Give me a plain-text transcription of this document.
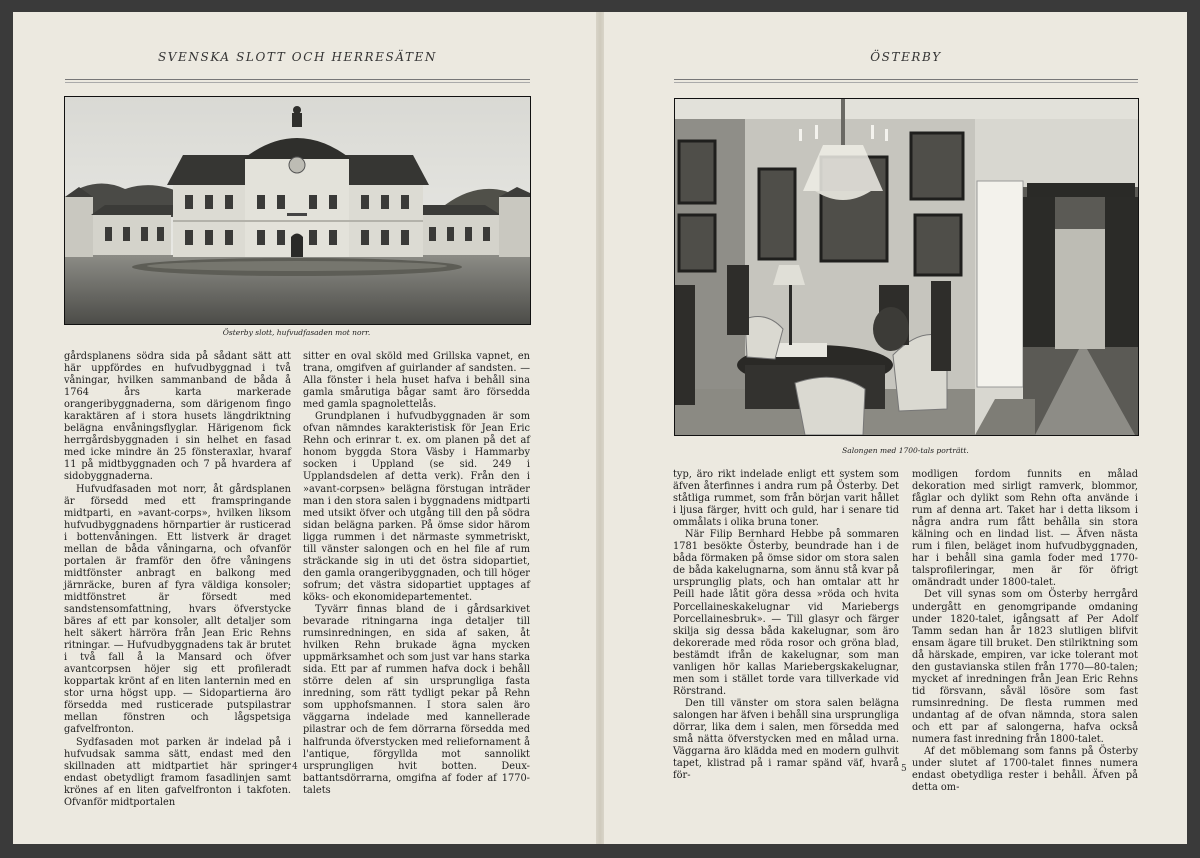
SVENSKA SLOTT OCH HERRESÄTEN
Österby slott, hufvudfasaden mot norr.

gårdsplanens södra sida på sådant sätt att här uppfördes en hufvudbyggnad i två våningar, hvilken sammanband de båda å 1764 års karta markerade orangeribyggnaderna, som därigenom fingo karaktären af i stora husets längdriktning belägna envåningsflyglar. Härigenom fick herrgårdsbyggnaden i sin helhet en fasad med icke mindre än 25 fönsteraxlar, hvaraf 11 på midtbyggnaden och 7 på hvardera af sidobyggnaderna.

Hufvudfasaden mot norr, åt gårdsplanen är försedd med ett framspringande midtparti, en »avant-corps», hvilken liksom hufvudbyggnadens hörnpartier är rusticerad i bottenvåningen. Ett listverk är draget mellan de båda våningarna, och ofvanför portalen är framför den öfre våningens midtfönster anbragt en balkong med järnräcke, buren af fyra väldiga konsoler; midtfönstret är försedt med sandstensomfattning, hvars öfverstycke bäres af ett par konsoler, allt detaljer som helt säkert härröra från Jean Eric Rehns ritningar. — Hufvudbyggnadens tak är brutet i två fall å la Mansard och öfver avantcorpsen höjer sig ett profileradt koppartak krönt af en liten lanternin med en stor urna högst upp. — Sidopartierna äro försedda med rusticerade putspilastrar mellan fönstren och lågspetsiga gafvelfronton.

Sydfasaden mot parken är indelad på i hufvudsak samma sätt, endast med den skillnaden att midtpartiet här springer endast obetydligt framom fasadlinjen samt krönes af en liten gafvelfronton i takfoten. Ofvanför midtportalen

sitter en oval sköld med Grillska vapnet, en trana, omgifven af guirlander af sandsten. — Alla fönster i hela huset hafva i behåll sina gamla smårutiga bågar samt äro försedda med gamla spagnolettelås.

Grundplanen i hufvudbyggnaden är som ofvan nämndes karakteristisk för Jean Eric Rehn och erinrar t. ex. om planen på det af honom byggda Stora Väsby i Hammarby socken i Uppland (se sid. 249 i Upplandsdelen af detta verk). Från den i »avant-corpsen» belägna förstugan inträder man i den stora salen i byggnadens midtparti med utsikt öfver och utgång till den på södra sidan belägna parken. På ömse sidor härom ligga rummen i det närmaste symmetriskt, till vänster salongen och en hel file af rum sträckande sig in uti det östra sidopartiet, den gamla orangeribyggnaden, och till höger sofrum; det västra sidopartiet upptages af köks- och ekonomidepartementet.

Tyvärr finnas bland de i gårdsarkivet bevarade ritningarna inga detaljer till rumsinredningen, en sida af saken, åt hvilken Rehn brukade ägna mycken uppmärksamhet och som just var hans starka sida. Ett par af rummen hafva dock i behåll större delen af sin ursprungliga fasta inredning, som rätt tydligt pekar på Rehn som upphofsmannen. I stora salen äro väggarna indelade med kannellerade pilastrar och de fem dörrarna försedda med halfrunda öfverstycken med reliefornament å l'antique, förgyllda mot sannolikt ursprungligen hvit botten. Deux-battantsdörrarna, omgifna af foder af 1770-talets

4
ÖSTERBY
Salongen med 1700-tals porträtt.

typ, äro rikt indelade enligt ett system som äfven återfinnes i andra rum på Österby. Det ståtliga rummet, som från början varit hållet i ljusa färger, hvitt och guld, har i senare tid ommålats i olika bruna toner.

När Filip Bernhard Hebbe på sommaren 1781 besökte Österby, beundrade han i de båda förmaken på ömse sidor om stora salen de båda kakelugnarna, som ännu stå kvar på ursprunglig plats, och han omtalar att hr Peill hade låtit göra dessa »röda och hvita Porcellaineskakelugnar vid Mariebergs Porcellainesbruk». — Till glasyr och färger skilja sig dessa båda kakelugnar, som äro dekorerade med röda rosor och gröna blad, bestämdt ifrån de kakelugnar, som man vanligen hör kallas Mariebergskakelugnar, men som i stället torde vara tillverkade vid Rörstrand.

Den till vänster om stora salen belägna salongen har äfven i behåll sina ursprungliga dörrar, lika dem i salen, men försedda med små nätta öfverstycken med en målad urna. Väggarna äro klädda med en modern gulhvit tapet, klistrad på i ramar spänd väf, hvarå för-

modligen fordom funnits en målad dekoration med sirligt ramverk, blommor, fåglar och dylikt som Rehn ofta använde i rum af denna art. Taket har i detta liksom i några andra rum fått behålla sin stora kälning och en lindad list. — Äfven nästa rum i filen, beläget inom hufvudbyggnaden, har i behåll sina gamla foder med 1770-talsprofileringar, men är för öfrigt omändradt under 1800-talet.

Det vill synas som om Österby herrgård undergått en genomgripande omdaning under 1820-talet, igångsatt af Per Adolf Tamm sedan han år 1823 slutligen blifvit ensam ägare till bruket. Den stilriktning som då härskade, empiren, var icke tolerant mot den gustavianska stilen från 1770—80-talen; mycket af inredningen från Jean Eric Rehns tid försvann, såväl lösöre som fast rumsinredning. De flesta rummen med undantag af de ofvan nämnda, stora salen och ett par af salongerna, hafva också numera fast inredning från 1800-talet.

Af det möblemang som fanns på Österby under slutet af 1700-talet finnes numera endast obetydliga rester i behåll. Äfven på detta om-

5
